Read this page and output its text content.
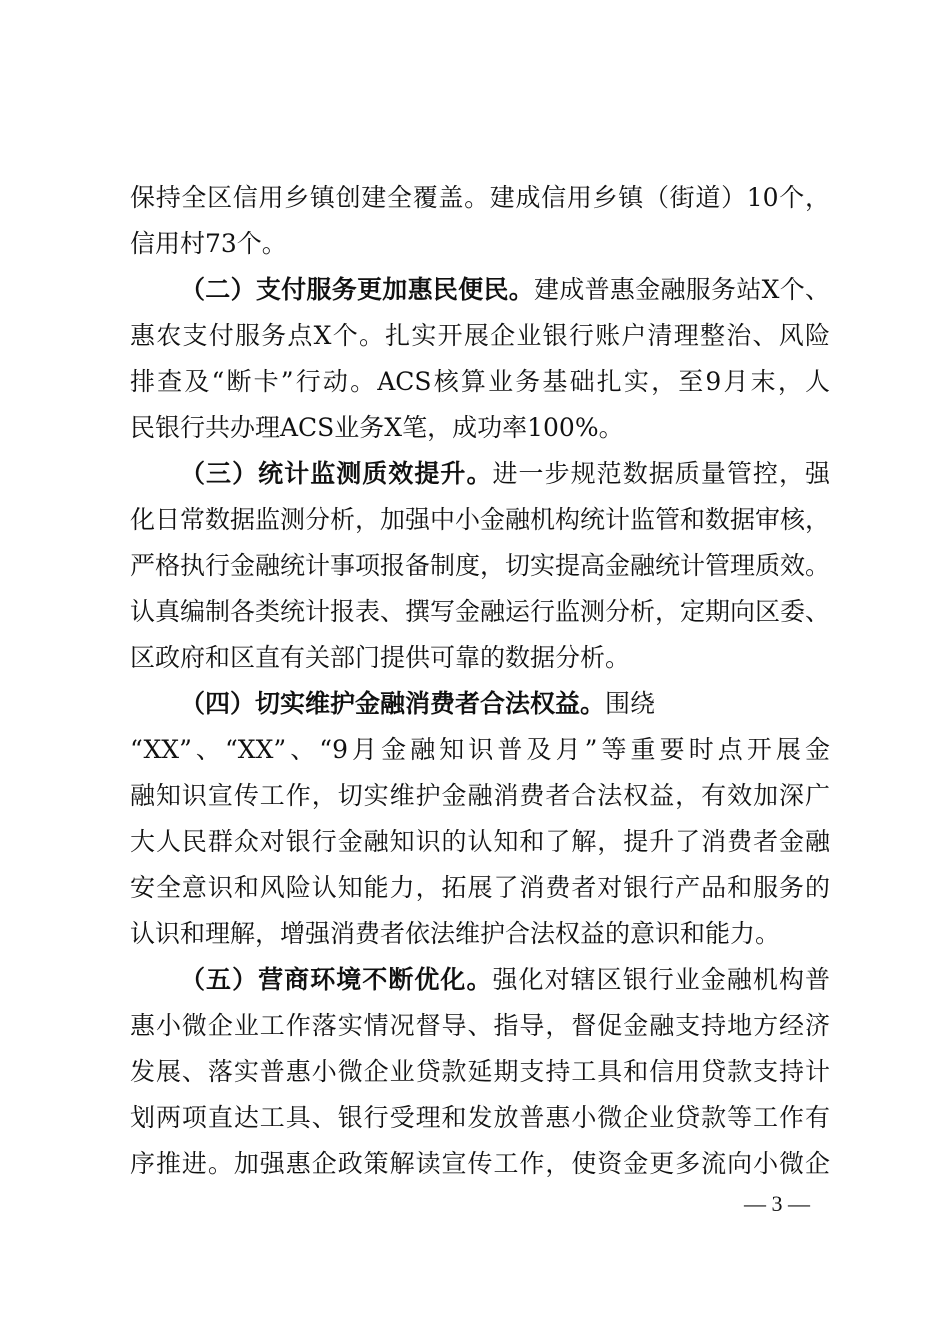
保持全区信用乡镇创建全覆盖。建成信用乡镇（街道）10个，
信用村73个。
（二）支付服务更加惠民便民。建成普惠金融服务站X个、
惠农支付服务点X个。扎实开展企业银行账户清理整治、风险
排查及“断卡”行动。ACS核算业务基础扎实，至9月末，人
民银行共办理ACS业务X笔，成功率100%。
（三）统计监测质效提升。进一步规范数据质量管控，强
化日常数据监测分析，加强中小金融机构统计监管和数据审核，
严格执行金融统计事项报备制度，切实提高金融统计管理质效。
认真编制各类统计报表、撰写金融运行监测分析，定期向区委、
区政府和区直有关部门提供可靠的数据分析。
（四）切实维护金融消费者合法权益。围绕
“XX”、“XX”、“9月金融知识普及月”等重要时点开展金
融知识宣传工作，切实维护金融消费者合法权益，有效加深广
大人民群众对银行金融知识的认知和了解，提升了消费者金融
安全意识和风险认知能力，拓展了消费者对银行产品和服务的
认识和理解，增强消费者依法维护合法权益的意识和能力。
（五）营商环境不断优化。强化对辖区银行业金融机构普
惠小微企业工作落实情况督导、指导，督促金融支持地方经济
发展、落实普惠小微企业贷款延期支持工具和信用贷款支持计
划两项直达工具、银行受理和发放普惠小微企业贷款等工作有
序推进。加强惠企政策解读宣传工作，使资金更多流向小微企
— 3 —
